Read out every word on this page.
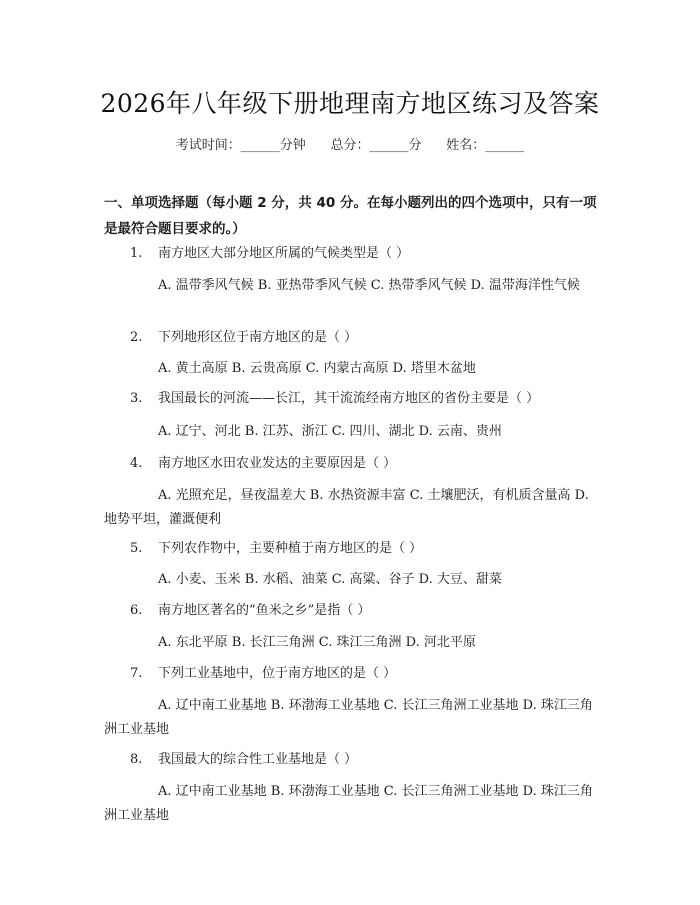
2026年八年级下册地理南方地区练习及答案
考试时间：______分钟      总分：______分      姓名：______
一、单项选择题（每小题 2 分，共 40 分。在每小题列出的四个选项中，只有一项是最符合题目要求的。）
1. 南方地区大部分地区所属的气候类型是（ ）
A. 温带季风气候 B. 亚热带季风气候 C. 热带季风气候 D. 温带海洋性气候
2. 下列地形区位于南方地区的是（ ）
A. 黄土高原 B. 云贵高原 C. 内蒙古高原 D. 塔里木盆地
3. 我国最长的河流——长江，其干流流经南方地区的省份主要是（ ）
A. 辽宁、河北 B. 江苏、浙江 C. 四川、湖北 D. 云南、贵州
4. 南方地区水田农业发达的主要原因是（ ）
A. 光照充足，昼夜温差大 B. 水热资源丰富 C. 土壤肥沃，有机质含量高 D. 地势平坦，灌溉便利
5. 下列农作物中，主要种植于南方地区的是（ ）
A. 小麦、玉米 B. 水稻、油菜 C. 高粱、谷子 D. 大豆、甜菜
6. 南方地区著名的“鱼米之乡”是指（ ）
A. 东北平原 B. 长江三角洲 C. 珠江三角洲 D. 河北平原
7. 下列工业基地中，位于南方地区的是（ ）
A. 辽中南工业基地 B. 环渤海工业基地 C. 长江三角洲工业基地 D. 珠江三角洲工业基地
8. 我国最大的综合性工业基地是（ ）
A. 辽中南工业基地 B. 环渤海工业基地 C. 长江三角洲工业基地 D. 珠江三角洲工业基地
